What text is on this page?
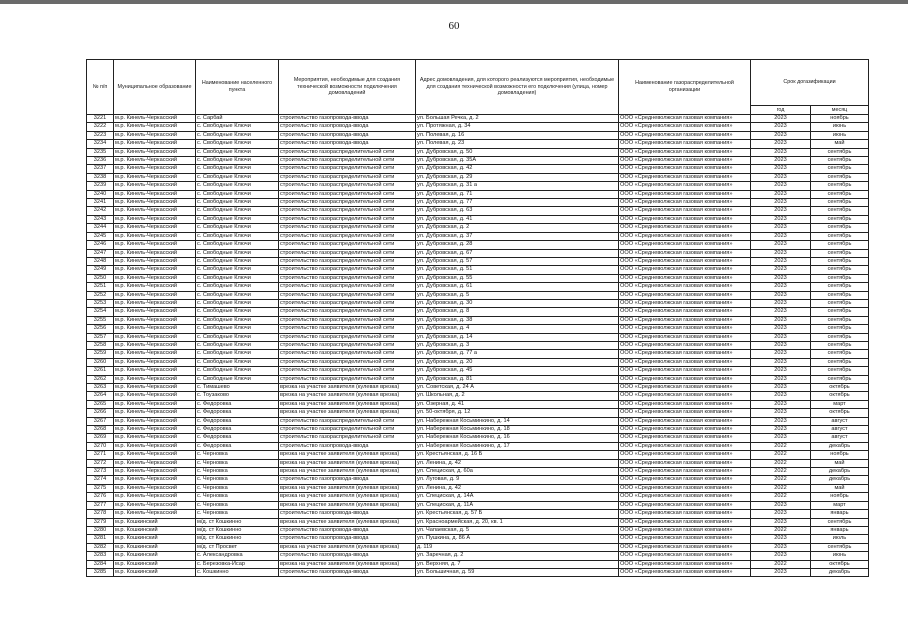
60
№ п/п	Муниципальное образование	Наименование населенного пункта	Мероприятия, необходимые для создания технической возможности подключения домовладений	Адрес домовладения, для которого реализуются мероприятия, необходимые для создания технической возможности его подключения (улица, номер домовладения)	Наименование газораспределительной организации	Срок догазификации	
						год	месяц
3221	м.р. Кинель-Черкасский	с. Сарбай	строительство газопровода-ввода	ул. Большая Речка, д. 2	ООО «Средневолжская газовая компания»	2023	ноябрь
3222	м.р. Кинель-Черкасский	с. Свободные Ключи	строительство газопровода-ввода	ул. Протяжная, д. 34	ООО «Средневолжская газовая компания»	2023	июнь
3223	м.р. Кинель-Черкасский	с. Свободные Ключи	строительство газопровода-ввода	ул. Полевая, д. 16	ООО «Средневолжская газовая компания»	2023	июнь
3234	м.р. Кинель-Черкасский	с. Свободные Ключи	строительство газопровода-ввода	ул. Полевая, д. 23	ООО «Средневолжская газовая компания»	2023	май
3235	м.р. Кинель-Черкасский	с. Свободные Ключи	строительство газораспределительной сети	ул. Дубровская, д. 50	ООО «Средневолжская газовая компания»	2023	сентябрь
3236	м.р. Кинель-Черкасский	с. Свободные Ключи	строительство газораспределительной сети	ул. Дубровская, д. 35А	ООО «Средневолжская газовая компания»	2023	сентябрь
3237	м.р. Кинель-Черкасский	с. Свободные Ключи	строительство газораспределительной сети	ул. Дубровская, д. 42	ООО «Средневолжская газовая компания»	2023	сентябрь
3238	м.р. Кинель-Черкасский	с. Свободные Ключи	строительство газораспределительной сети	ул. Дубровская, д. 29	ООО «Средневолжская газовая компания»	2023	сентябрь
3239	м.р. Кинель-Черкасский	с. Свободные Ключи	строительство газораспределительной сети	ул. Дубровская, д. 31 а	ООО «Средневолжская газовая компания»	2023	сентябрь
3240	м.р. Кинель-Черкасский	с. Свободные Ключи	строительство газораспределительной сети	ул. Дубровская, д. 71	ООО «Средневолжская газовая компания»	2023	сентябрь
3241	м.р. Кинель-Черкасский	с. Свободные Ключи	строительство газораспределительной сети	ул. Дубровская, д. 77	ООО «Средневолжская газовая компания»	2023	сентябрь
3242	м.р. Кинель-Черкасский	с. Свободные Ключи	строительство газораспределительной сети	ул. Дубровская, д. 63	ООО «Средневолжская газовая компания»	2023	сентябрь
3243	м.р. Кинель-Черкасский	с. Свободные Ключи	строительство газораспределительной сети	ул. Дубровская, д. 41	ООО «Средневолжская газовая компания»	2023	сентябрь
3244	м.р. Кинель-Черкасский	с. Свободные Ключи	строительство газораспределительной сети	ул. Дубровская, д. 2	ООО «Средневолжская газовая компания»	2023	сентябрь
3245	м.р. Кинель-Черкасский	с. Свободные Ключи	строительство газораспределительной сети	ул. Дубровская, д. 37	ООО «Средневолжская газовая компания»	2023	сентябрь
3246	м.р. Кинель-Черкасский	с. Свободные Ключи	строительство газораспределительной сети	ул. Дубровская, д. 28	ООО «Средневолжская газовая компания»	2023	сентябрь
3247	м.р. Кинель-Черкасский	с. Свободные Ключи	строительство газораспределительной сети	ул. Дубровская, д. 67	ООО «Средневолжская газовая компания»	2023	сентябрь
3248	м.р. Кинель-Черкасский	с. Свободные Ключи	строительство газораспределительной сети	ул. Дубровская, д. 57	ООО «Средневолжская газовая компания»	2023	сентябрь
3249	м.р. Кинель-Черкасский	с. Свободные Ключи	строительство газораспределительной сети	ул. Дубровская, д. 51	ООО «Средневолжская газовая компания»	2023	сентябрь
3250	м.р. Кинель-Черкасский	с. Свободные Ключи	строительство газораспределительной сети	ул. Дубровская, д. 55	ООО «Средневолжская газовая компания»	2023	сентябрь
3251	м.р. Кинель-Черкасский	с. Свободные Ключи	строительство газораспределительной сети	ул. Дубровская, д. 61	ООО «Средневолжская газовая компания»	2023	сентябрь
3252	м.р. Кинель-Черкасский	с. Свободные Ключи	строительство газораспределительной сети	ул. Дубровская, д. 5	ООО «Средневолжская газовая компания»	2023	сентябрь
3253	м.р. Кинель-Черкасский	с. Свободные Ключи	строительство газораспределительной сети	ул. Дубровская, д. 30	ООО «Средневолжская газовая компания»	2023	сентябрь
3254	м.р. Кинель-Черкасский	с. Свободные Ключи	строительство газораспределительной сети	ул. Дубровская, д. 8	ООО «Средневолжская газовая компания»	2023	сентябрь
3255	м.р. Кинель-Черкасский	с. Свободные Ключи	строительство газораспределительной сети	ул. Дубровская, д. 38	ООО «Средневолжская газовая компания»	2023	сентябрь
3256	м.р. Кинель-Черкасский	с. Свободные Ключи	строительство газораспределительной сети	ул. Дубровская, д. 4	ООО «Средневолжская газовая компания»	2023	сентябрь
3257	м.р. Кинель-Черкасский	с. Свободные Ключи	строительство газораспределительной сети	ул. Дубровская, д. 14	ООО «Средневолжская газовая компания»	2023	сентябрь
3258	м.р. Кинель-Черкасский	с. Свободные Ключи	строительство газораспределительной сети	ул. Дубровская, д. 3	ООО «Средневолжская газовая компания»	2023	сентябрь
3259	м.р. Кинель-Черкасский	с. Свободные Ключи	строительство газораспределительной сети	ул. Дубровская, д. 77 а	ООО «Средневолжская газовая компания»	2023	сентябрь
3260	м.р. Кинель-Черкасский	с. Свободные Ключи	строительство газораспределительной сети	ул. Дубровская, д. 20	ООО «Средневолжская газовая компания»	2023	сентябрь
3261	м.р. Кинель-Черкасский	с. Свободные Ключи	строительство газораспределительной сети	ул. Дубровская, д. 45	ООО «Средневолжская газовая компания»	2023	сентябрь
3262	м.р. Кинель-Черкасский	с. Свободные Ключи	строительство газораспределительной сети	ул. Дубровская, д. 81	ООО «Средневолжская газовая компания»	2023	сентябрь
3263	м.р. Кинель-Черкасский	с. Тимашево	врезка на участке заявителя (кулевая врезка)	ул. Советская, д. 24 А	ООО «Средневолжская газовая компания»	2023	октябрь
3264	м.р. Кинель-Черкасский	с. Тоузаково	врезка на участке заявителя (кулевая врезка)	ул. Школьная, д. 2	ООО «Средневолжская газовая компания»	2023	октябрь
3265	м.р. Кинель-Черкасский	с. Федоровка	врезка на участке заявителя (кулевая врезка)	ул. Озерная, д. 41	ООО «Средневолжская газовая компания»	2023	март
3266	м.р. Кинель-Черкасский	с. Федоровка	врезка на участке заявителя (кулевая врезка)	ул. 50-октября, д. 12	ООО «Средневолжская газовая компания»	2023	октябрь
3267	м.р. Кинель-Черкасский	с. Федоровка	строительство газораспределительной сети	ул. Набережная Косьминкино, д. 14	ООО «Средневолжская газовая компания»	2023	август
3268	м.р. Кинель-Черкасский	с. Федоровка	строительство газораспределительной сети	ул. Набережная Косьминкино, д. 18	ООО «Средневолжская газовая компания»	2023	август
3269	м.р. Кинель-Черкасский	с. Федоровка	строительство газораспределительной сети	ул. Набережная Косьминкино, д. 16	ООО «Средневолжская газовая компания»	2023	август
3270	м.р. Кинель-Черкасский	с. Федоровка	строительство газопровода-ввода	ул. Набережная Косьминкино, д. 17	ООО «Средневолжская газовая компания»	2022	декабрь
3271	м.р. Кинель-Черкасский	с. Черновка	врезка на участке заявителя (кулевая врезка)	ул. Крестьянская, д. 16 Б	ООО «Средневолжская газовая компания»	2022	ноябрь
3272	м.р. Кинель-Черкасский	с. Черновка	врезка на участке заявителя (кулевая врезка)	ул. Ленина, д. 42	ООО «Средневолжская газовая компания»	2022	май
3273	м.р. Кинель-Черкасский	с. Черновка	врезка на участке заявителя (кулевая врезка)	ул. Специская, д. 60а	ООО «Средневолжская газовая компания»	2022	декабрь
3274	м.р. Кинель-Черкасский	с. Черновка	строительство газопровода-ввода	ул. Луговая, д. 9	ООО «Средневолжская газовая компания»	2022	декабрь
3275	м.р. Кинель-Черкасский	с. Черновка	врезка на участке заявителя (кулевая врезка)	ул. Ленина, д. 42	ООО «Средневолжская газовая компания»	2022	май
3276	м.р. Кинель-Черкасский	с. Черновка	врезка на участке заявителя (кулевая врезка)	ул. Специская, д. 14А	ООО «Средневолжская газовая компания»	2022	ноябрь
3277	м.р. Кинель-Черкасский	с. Черновка	врезка на участке заявителя (кулевая врезка)	ул. Специская, д. 11А	ООО «Средневолжская газовая компания»	2023	март
3278	м.р. Кинель-Черкасский	с. Черновка	строительство газопровода-ввода	ул. Крестьянская, д. 57 Б	ООО «Средневолжская газовая компания»	2023	январь
3279	м.р. Кошкинский	м/д. ст Кошкинно	врезка на участке заявителя (кулевая врезка)	ул. Красноармейская, д. 20, кв. 1	ООО «Средневолжская газовая компания»	2023	сентябрь
3280	м.р. Кошкинский	м/д. ст Кошкинно	строительство газопровода-ввода	ул. Чапаевская, д. 5	ООО «Средневолжская газовая компания»	2022	январь
3281	м.р. Кошкинский	м/д. ст Кошкинно	строительство газопровода-ввода	ул. Пушкина, д. 86 А	ООО «Средневолжская газовая компания»	2023	июль
3282	м.р. Кошкинский	м/д. ст Просвет	врезка на участке заявителя (кулевая врезка)	д. 119	ООО «Средневолжская газовая компания»	2023	сентябрь
3283	м.р. Кошкинский	с. Александровка	строительство газопровода-ввода	ул. Заречная, д. 2	ООО «Средневолжская газовая компания»	2023	июнь
3284	м.р. Кошкинский	с. Березовка-Исар	врезка на участке заявителя (кулевая врезка)	ул. Верхняя, д. 7	ООО «Средневолжская газовая компания»	2022	октябрь
3285	м.р. Кошкинский	с. Кошкинно	строительство газопровода-ввода	ул. Большичная, д. 59	ООО «Средневолжская газовая компания»	2023	декабрь
